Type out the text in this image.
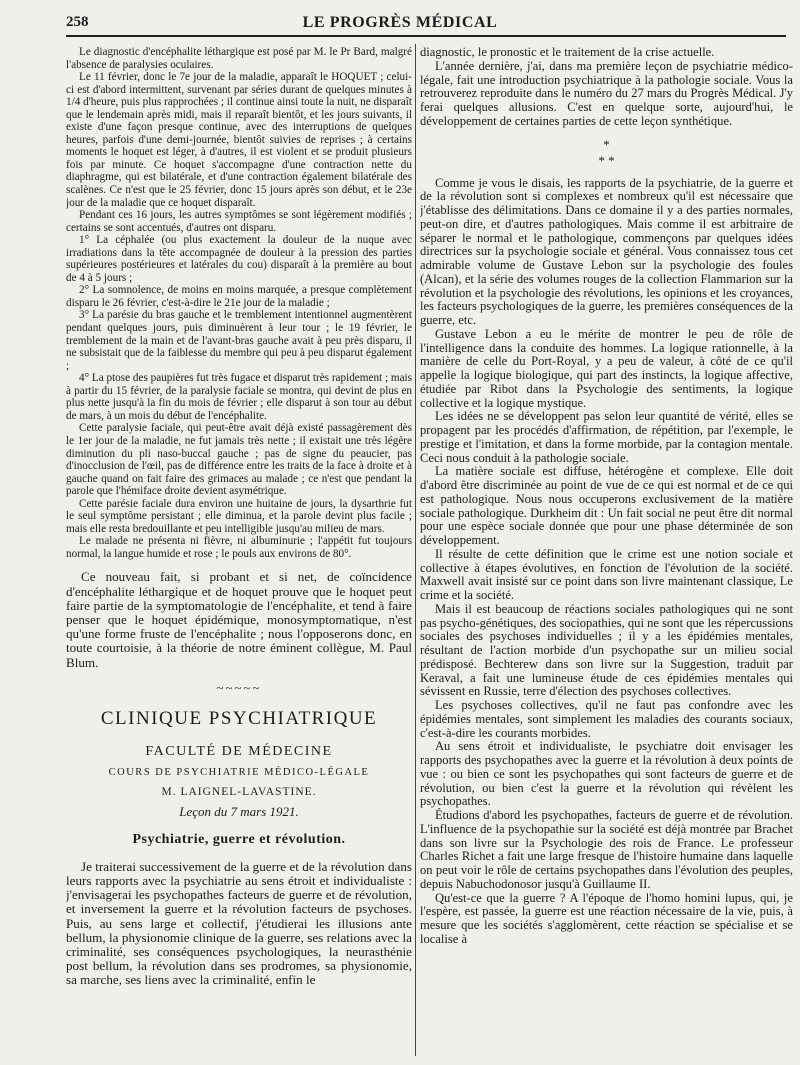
258	LE PROGRÈS MÉDICAL

Le diagnostic d'encéphalite léthargique est posé par M. le Pr Bard, malgré l'absence de paralysies oculaires.

Le 11 février, donc le 7e jour de la maladie, apparaît le HOQUET ; celui-ci est d'abord intermittent, survenant par séries durant de quelques minutes à 1/4 d'heure, puis plus rapprochées ; il continue ainsi toute la nuit, ne disparaît que le lendemain après midi, mais il reparaît bientôt, et les jours suivants, il existe d'une façon presque continue, avec des interruptions de quelques heures, parfois d'une demi-journée, bientôt suivies de reprises ; à certains moments le hoquet est léger, à d'autres, il est violent et se produit plusieurs fois par minute. Ce hoquet s'accompagne d'une contraction nette du diaphragme, qui est bilatérale, et d'une contraction également bilatérale des scalènes. Ce n'est que le 25 février, donc 15 jours après son début, et le 23e jour de la maladie que ce hoquet disparaît.

Pendant ces 16 jours, les autres symptômes se sont légèrement modifiés ; certains se sont accentués, d'autres ont disparu.

1° La céphalée (ou plus exactement la douleur de la nuque avec irradiations dans la tête accompagnée de douleur à la pression des parties supérieures postérieures et latérales du cou) disparaît à la première au bout de 4 à 5 jours ;

2° La somnolence, de moins en moins marquée, a presque complètement disparu le 26 février, c'est-à-dire le 21e jour de la maladie ;

3° La parésie du bras gauche et le tremblement intentionnel augmentèrent pendant quelques jours, puis diminuèrent à leur tour ; le 19 février, le tremblement de la main et de l'avant-bras gauche avait à peu près disparu, il ne subsistait que de la faiblesse du membre qui peu à peu disparut également ;

4° La ptose des paupières fut très fugace et disparut très rapidement ; mais à partir du 15 février, de la paralysie faciale se montra, qui devint de plus en plus nette jusqu'à la fin du mois de février ; elle disparut à son tour au début de mars, à un mois du début de l'encéphalite.

Cette paralysie faciale, qui peut-être avait déjà existé passagèrement dès le 1er jour de la maladie, ne fut jamais très nette ; il existait une très légère diminution du pli naso-buccal gauche ; pas de signe du peaucier, pas d'inocclusion de l'œil, pas de différence entre les traits de la face à droite et à gauche quand on fait faire des grimaces au malade ; ce n'est que pendant la parole que l'hémiface droite devient asymétrique.

Cette parésie faciale dura environ une huitaine de jours, la dysarthrie fut le seul symptôme persistant ; elle diminua, et la parole devint plus facile ; mais elle resta bredouillante et peu intelligible jusqu'au milieu de mars.

Le malade ne présenta ni fièvre, ni albuminurie ; l'appétit fut toujours normal, la langue humide et rose ; le pouls aux environs de 80°.

Ce nouveau fait, si probant et si net, de coïncidence d'encéphalite léthargique et de hoquet prouve que le hoquet peut faire partie de la symptomatologie de l'encéphalite, et tend à faire penser que le hoquet épidémique, monosymptomatique, n'est qu'une forme fruste de l'encéphalite ; nous l'opposerons donc, en toute courtoisie, à la théorie de notre éminent collègue, M. Paul Blum.

~~~~~
CLINIQUE PSYCHIATRIQUE
FACULTÉ DE MÉDECINE
COURS DE PSYCHIATRIE MÉDICO-LÉGALE
M. LAIGNEL-LAVASTINE.
Leçon du 7 mars 1921.
Psychiatrie, guerre et révolution.

Je traiterai successivement de la guerre et de la révolution dans leurs rapports avec la psychiatrie au sens étroit et individualiste : j'envisagerai les psychopathes facteurs de guerre et de révolution, et inversement la guerre et la révolution facteurs de psychoses. Puis, au sens large et collectif, j'étudierai les illusions ante bellum, la physionomie clinique de la guerre, ses relations avec la criminalité, ses conséquences psychologiques, la neurasthénie post bellum, la révolution dans ses prodromes, sa physionomie, sa marche, ses liens avec la criminalité, enfin le

diagnostic, le pronostic et le traitement de la crise actuelle.

L'année dernière, j'ai, dans ma première leçon de psychiatrie médico-légale, fait une introduction psychiatrique à la pathologie sociale. Vous la retrouverez reproduite dans le numéro du 27 mars du Progrès Médical. J'y ferai quelques allusions. C'est en quelque sorte, aujourd'hui, le développement de certaines parties de cette leçon synthétique.

*
* *

Comme je vous le disais, les rapports de la psychiatrie, de la guerre et de la révolution sont si complexes et nombreux qu'il est nécessaire que j'établisse des délimitations. Dans ce domaine il y a des parties normales, peut-on dire, et d'autres pathologiques. Mais comme il est arbitraire de séparer le normal et le pathologique, commençons par quelques idées directrices sur la psychologie sociale et général. Vous connaissez tous cet admirable volume de Gustave Lebon sur la psychologie des foules (Alcan), et la série des volumes rouges de la collection Flammarion sur la révolution et la psychologie des révolutions, les opinions et les croyances, les facteurs psychologiques de la guerre, les premières conséquences de la guerre, etc.

Gustave Lebon a eu le mérite de montrer le peu de rôle de l'intelligence dans la conduite des hommes. La logique rationnelle, à la manière de celle du Port-Royal, y a peu de valeur, à côté de ce qu'il appelle la logique biologique, qui part des instincts, la logique affective, étudiée par Ribot dans la Psychologie des sentiments, la logique collective et la logique mystique.

Les idées ne se développent pas selon leur quantité de vérité, elles se propagent par les procédés d'affirmation, de répétition, par l'exemple, le prestige et l'imitation, et dans la forme morbide, par la contagion mentale. Ceci nous conduit à la pathologie sociale.

La matière sociale est diffuse, hétérogène et complexe. Elle doit d'abord être discriminée au point de vue de ce qui est normal et de ce qui est pathologique. Nous nous occuperons exclusivement de la matière sociale pathologique. Durkheim dit : Un fait social ne peut être dit normal pour une espèce sociale donnée que pour une phase déterminée de son développement.

Il résulte de cette définition que le crime est une notion sociale et collective à étapes évolutives, en fonction de l'évolution de la société. Maxwell avait insisté sur ce point dans son livre maintenant classique, Le crime et la société.

Mais il est beaucoup de réactions sociales pathologiques qui ne sont pas psycho-génétiques, des sociopathies, qui ne sont que les répercussions sociales des psychoses individuelles ; il y a les épidémies mentales, résultant de l'action morbide d'un psychopathe sur un milieu social prédisposé. Bechterew dans son livre sur la Suggestion, traduit par Keraval, a fait une lumineuse étude de ces épidémies mentales qui sévissent en Russie, terre d'élection des psychoses collectives.

Les psychoses collectives, qu'il ne faut pas confondre avec les épidémies mentales, sont simplement les maladies des courants sociaux, c'est-à-dire les courants morbides.

Au sens étroit et individualiste, le psychiatre doit envisager les rapports des psychopathes avec la guerre et la révolution à deux points de vue : ou bien ce sont les psychopathes qui sont facteurs de guerre et de révolution, ou bien c'est la guerre et la révolution qui révèlent les psychopathes.

Étudions d'abord les psychopathes, facteurs de guerre et de révolution. L'influence de la psychopathie sur la société est déjà montrée par Brachet dans son livre sur la Psychologie des rois de France. Le professeur Charles Richet a fait une large fresque de l'histoire humaine dans laquelle on peut voir le rôle de certains psychopathes dans l'évolution des peuples, depuis Nabuchodonosor jusqu'à Guillaume II.

Qu'est-ce que la guerre ? A l'époque de l'homo homini lupus, qui, je l'espère, est passée, la guerre est une réaction nécessaire de la vie, puis, à mesure que les sociétés s'agglomèrent, cette réaction se spécialise et se localise à
